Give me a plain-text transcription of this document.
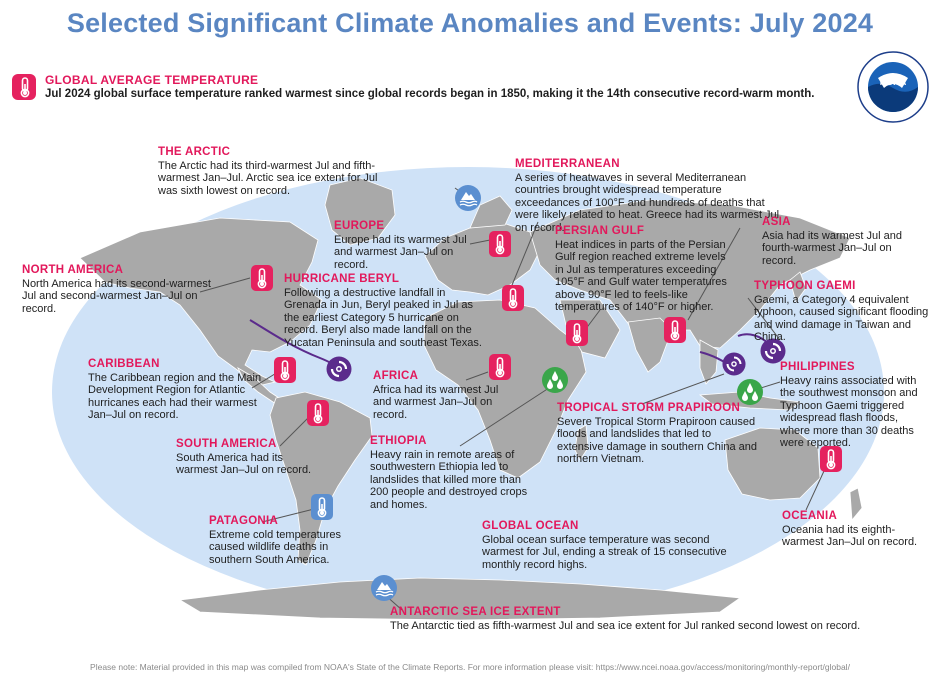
Selected Significant Climate Anomalies and Events: July 2024
GLOBAL AVERAGE TEMPERATURE
Jul 2024 global surface temperature ranked warmest since global records began in 1850, making it the 14th consecutive record-warm month.
NOAA
THE ARCTIC
The Arctic had its third-warmest Jul and fifth-warmest Jan–Jul. Arctic sea ice extent for Jul was sixth lowest on record.
MEDITERRANEAN
A series of heatwaves in several Mediterranean countries brought widespread temperature exceedances of 100°F and hundreds of deaths that were likely related to heat. Greece had its warmest Jul on record.
EUROPE
Europe had its warmest Jul and warmest Jan–Jul on record.
ASIA
Asia had its warmest Jul and fourth-warmest Jan–Jul on record.
PERSIAN GULF
Heat indices in parts of the Persian Gulf region reached extreme levels in Jul as temperatures exceeding 105°F and Gulf water temperatures above 90°F led to feels-like temperatures of 140°F or higher.
NORTH AMERICA
North America had its second-warmest Jul and second-warmest Jan–Jul on record.
HURRICANE BERYL
Following a destructive landfall in Grenada in Jun, Beryl peaked in Jul as the earliest Category 5 hurricane on record. Beryl also made landfall on the Yucatan Peninsula and southeast Texas.
TYPHOON GAEMI
Gaemi, a Category 4 equivalent typhoon, caused significant flooding and wind damage in Taiwan and China.
CARIBBEAN
The Caribbean region and the Main Development Region for Atlantic hurricanes each had their warmest Jan–Jul on record.
AFRICA
Africa had its warmest Jul and warmest Jan–Jul on record.
PHILIPPINES
Heavy rains associated with the southwest monsoon and Typhoon Gaemi triggered widespread flash floods, where more than 30 deaths were reported.
TROPICAL STORM PRAPIROON
Severe Tropical Storm Prapiroon caused floods and landslides that led to extensive damage in southern China and northern Vietnam.
SOUTH AMERICA
South America had its warmest Jan–Jul on record.
ETHIOPIA
Heavy rain in remote areas of southwestern Ethiopia led to landslides that killed more than 200 people and destroyed crops and homes.
PATAGONIA
Extreme cold temperatures caused wildlife deaths in southern South America.
GLOBAL OCEAN
Global ocean surface temperature was second warmest for Jul, ending a streak of 15 consecutive monthly record highs.
OCEANIA
Oceania had its eighth-warmest Jan–Jul on record.
ANTARCTIC SEA ICE EXTENT
The Antarctic tied as fifth-warmest Jul and sea ice extent for Jul ranked second lowest on record.
Please note: Material provided in this map was compiled from NOAA's State of the Climate Reports. For more information please visit: https://www.ncei.noaa.gov/access/monitoring/monthly-report/global/
